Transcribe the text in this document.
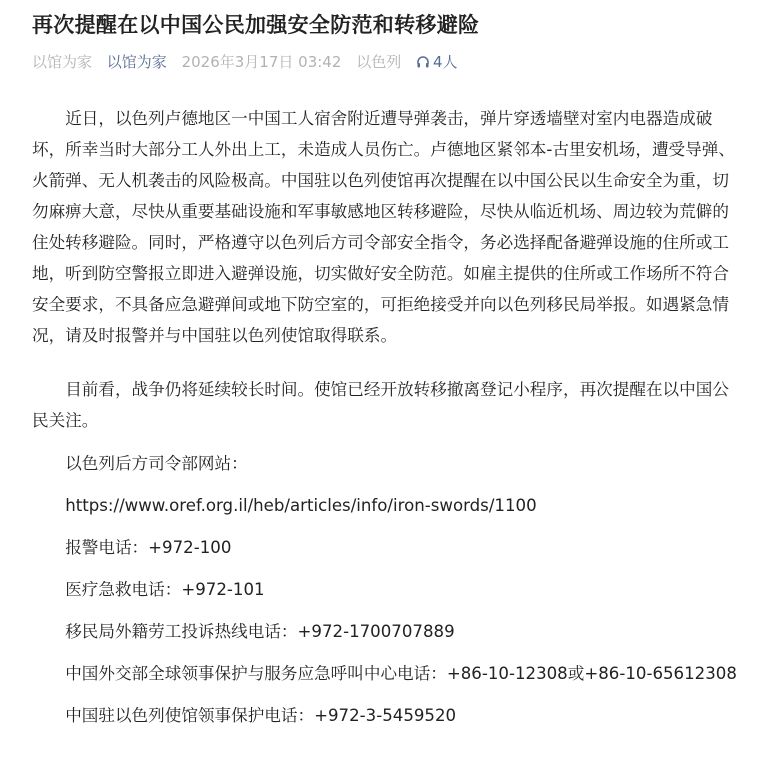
再次提醒在以中国公民加强安全防范和转移避险
以馆为家 以馆为家 2026年3月17日 03:42 以色列 4人

近日，以色列卢德地区一中国工人宿舍附近遭导弹袭击，弹片穿透墙壁对室内电器造成破坏，所幸当时大部分工人外出上工，未造成人员伤亡。卢德地区紧邻本-古里安机场，遭受导弹、火箭弹、无人机袭击的风险极高。中国驻以色列使馆再次提醒在以中国公民以生命安全为重，切勿麻痹大意，尽快从重要基础设施和军事敏感地区转移避险，尽快从临近机场、周边较为荒僻的住处转移避险。同时，严格遵守以色列后方司令部安全指令，务必选择配备避弹设施的住所或工地，听到防空警报立即进入避弹设施，切实做好安全防范。如雇主提供的住所或工作场所不符合安全要求，不具备应急避弹间或地下防空室的，可拒绝接受并向以色列移民局举报。如遇紧急情况，请及时报警并与中国驻以色列使馆取得联系。

目前看，战争仍将延续较长时间。使馆已经开放转移撤离登记小程序，再次提醒在以中国公民关注。

以色列后方司令部网站：

https://www.oref.org.il/heb/articles/info/iron-swords/1100

报警电话：+972-100

医疗急救电话：+972-101

移民局外籍劳工投诉热线电话：+972-1700707889

中国外交部全球领事保护与服务应急呼叫中心电话：+86-10-12308或+86-10-65612308

中国驻以色列使馆领事保护电话：+972-3-5459520
